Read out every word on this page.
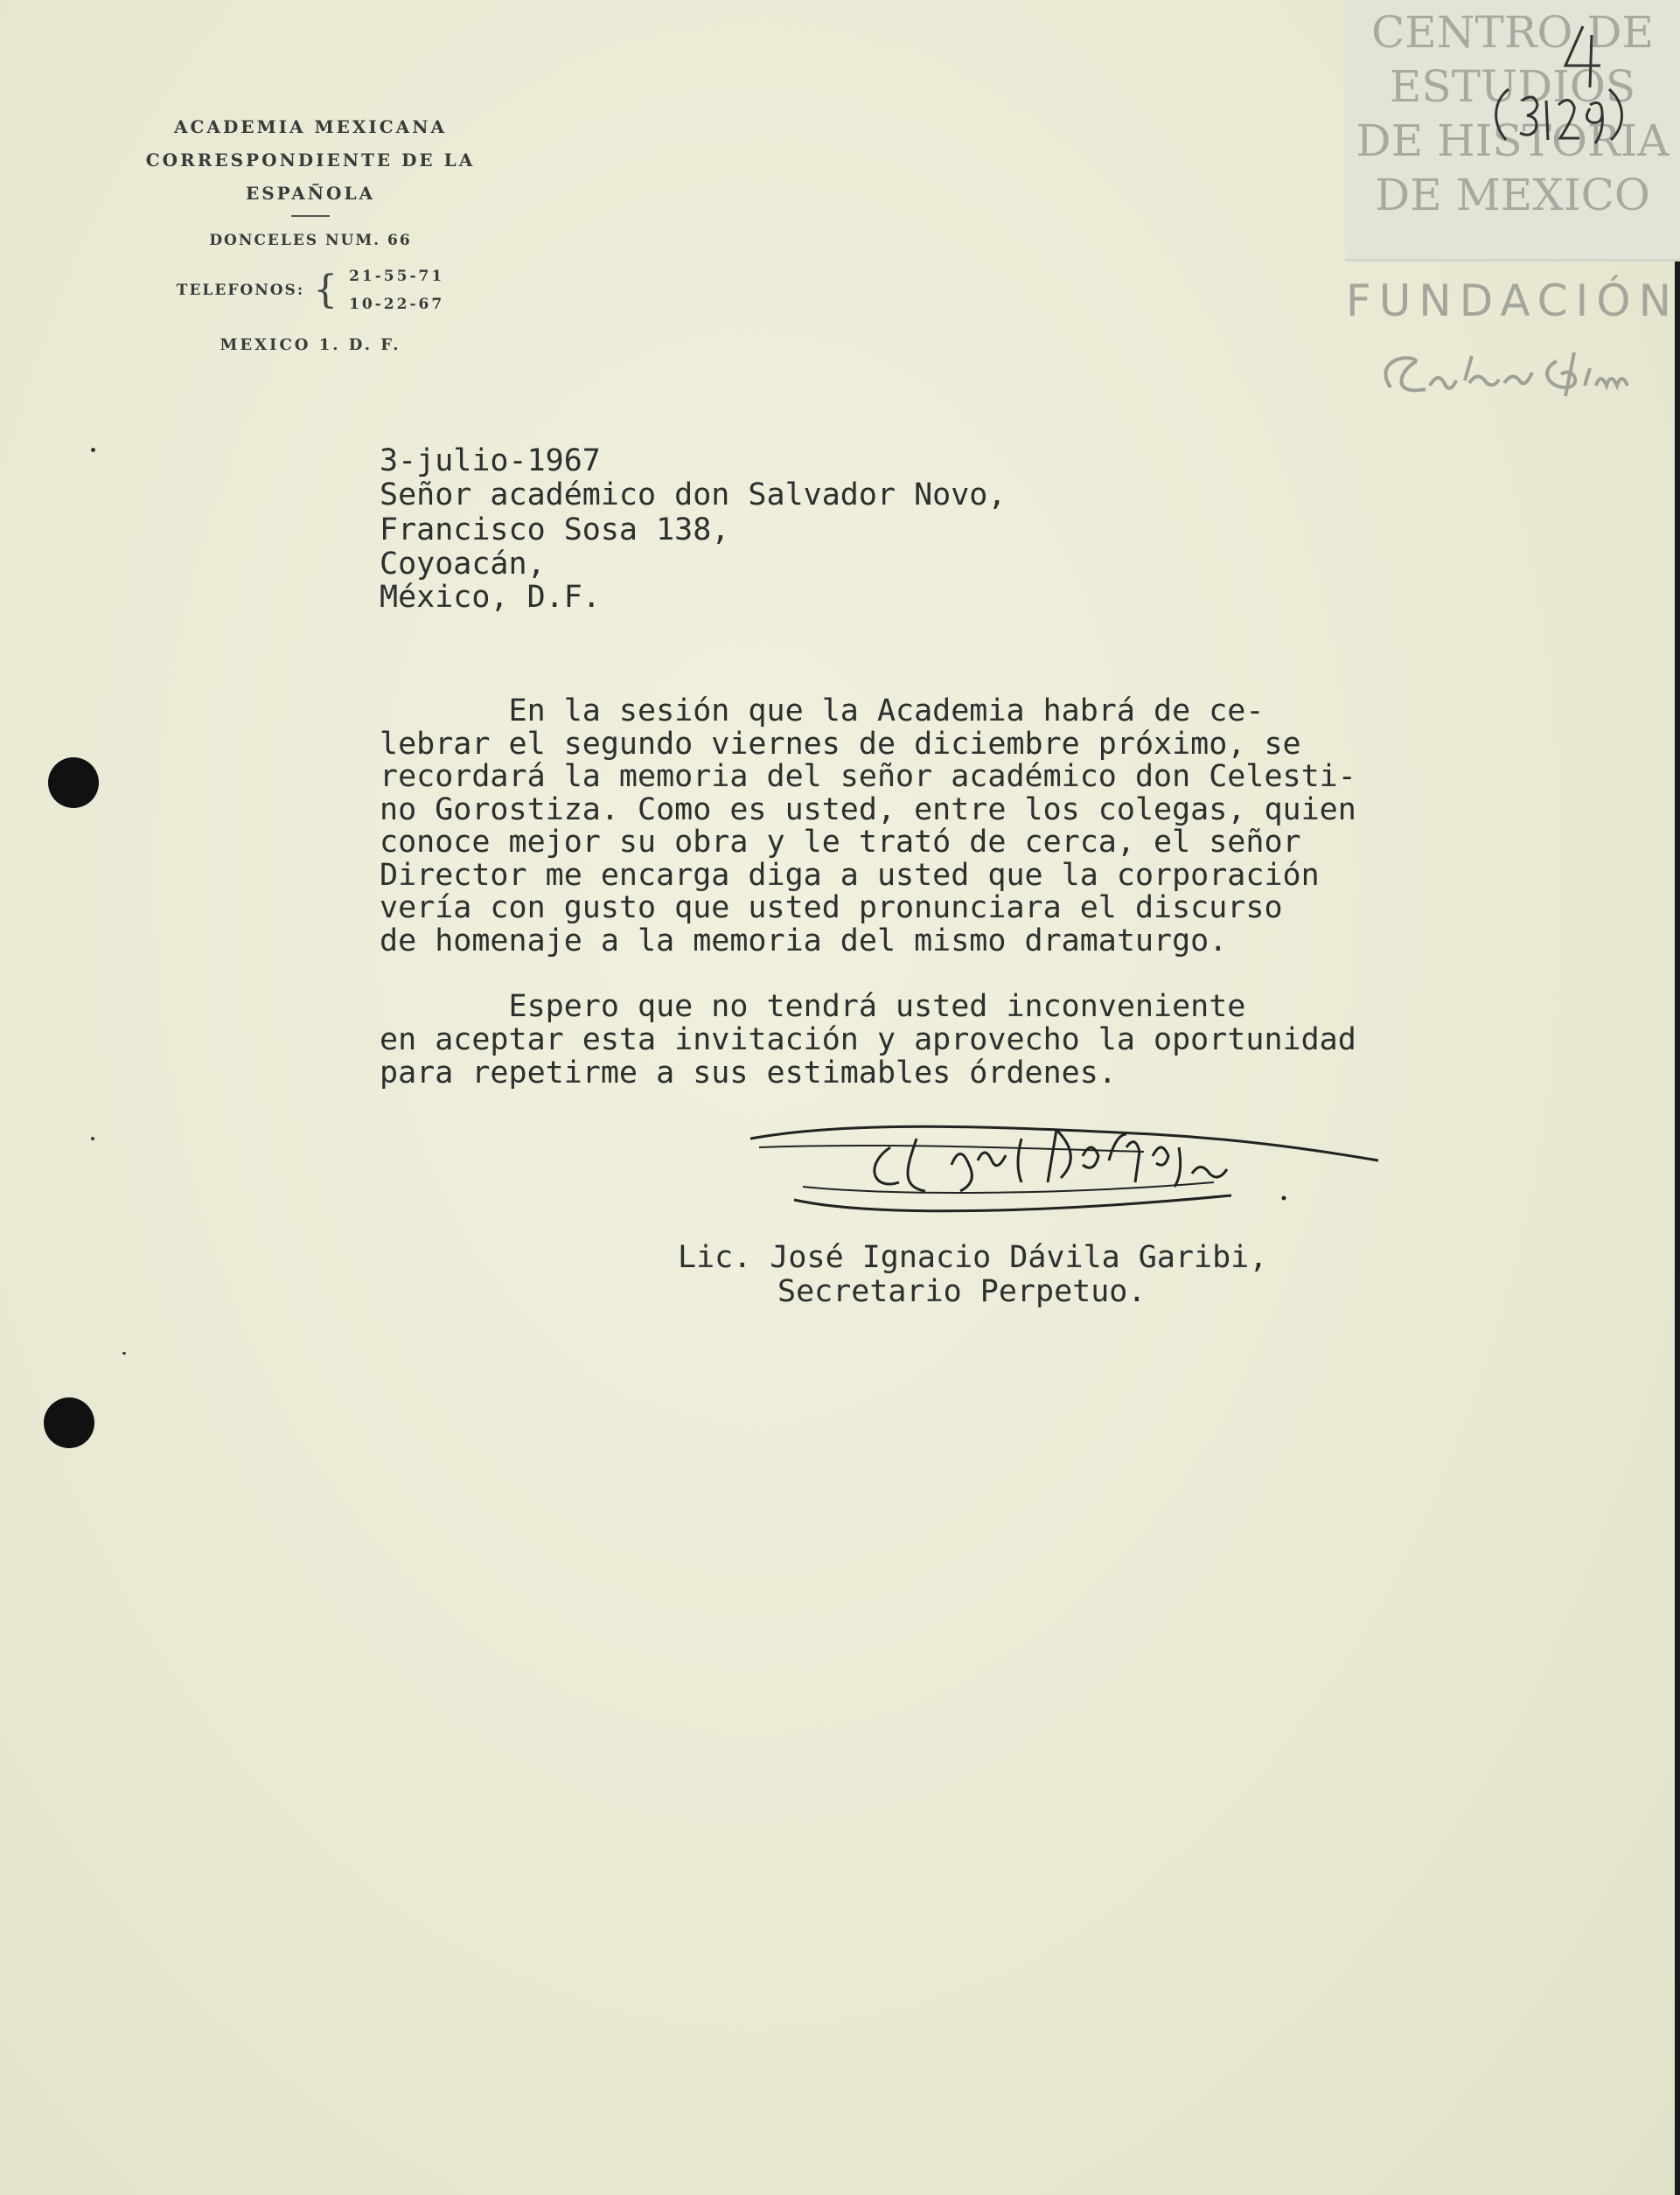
ACADEMIA MEXICANA
CORRESPONDIENTE DE LA
ESPAÑOLA
DONCELES NUM. 66
TELEFONOS: { 21-55-71
10-22-67
MEXICO 1. D. F.
CENTRO DE
ESTUDIOS
DE HISTORIA
DE MEXICO
FUNDACIÓN
3-julio-1967
Señor académico don Salvador Novo,
Francisco Sosa 138,
Coyoacán,
México, D.F.
En la sesión que la Academia habrá de ce-
lebrar el segundo viernes de diciembre próximo, se
recordará la memoria del señor académico don Celesti-
no Gorostiza. Como es usted, entre los colegas, quien
conoce mejor su obra y le trató de cerca, el señor
Director me encarga diga a usted que la corporación
vería con gusto que usted pronunciara el discurso
de homenaje a la memoria del mismo dramaturgo.
Espero que no tendrá usted inconveniente
en aceptar esta invitación y aprovecho la oportunidad
para repetirme a sus estimables órdenes.
Lic. José Ignacio Dávila Garibi,
Secretario Perpetuo.
